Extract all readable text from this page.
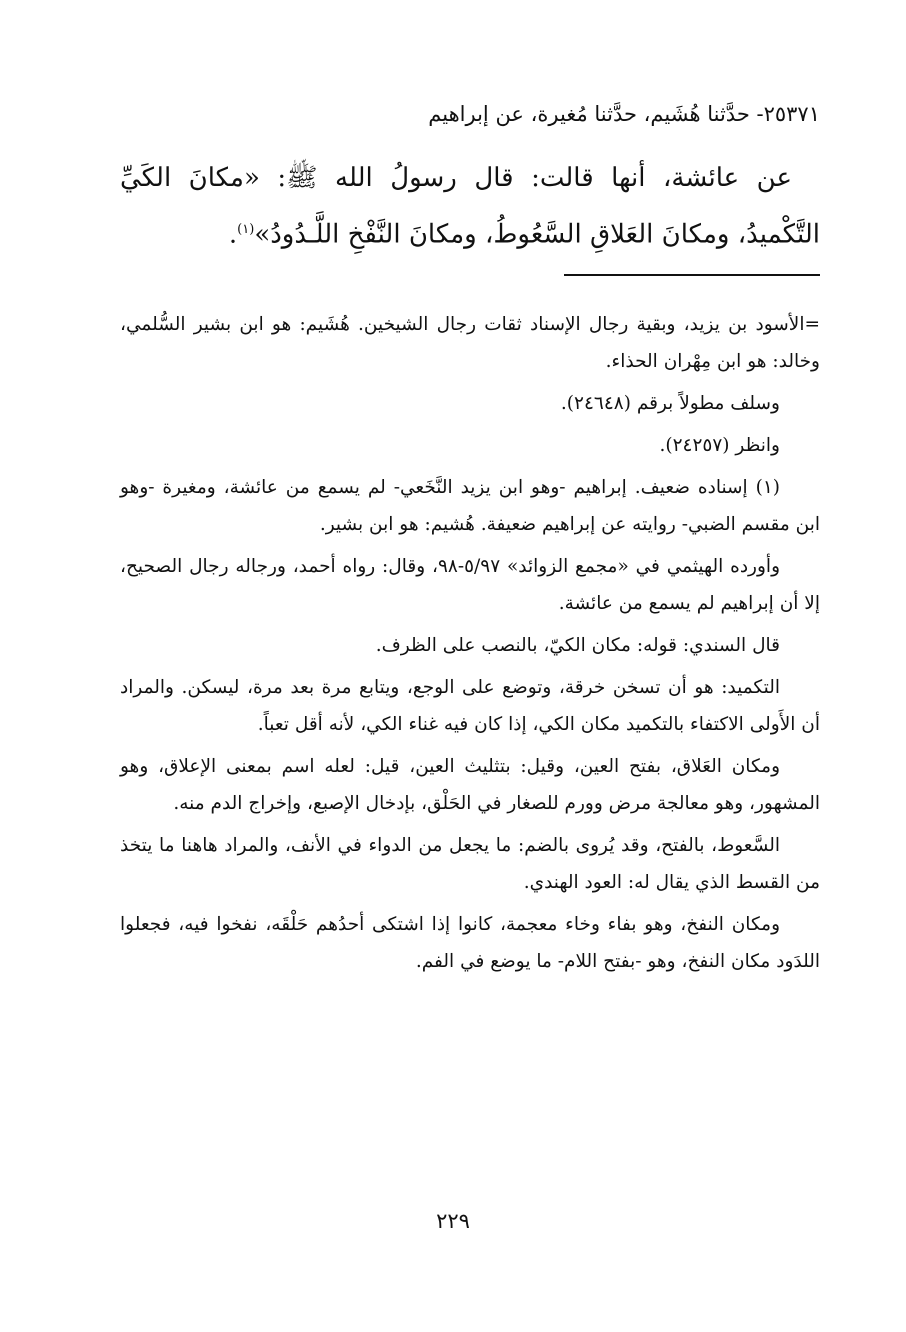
٢٥٣٧١- حدَّثنا هُشَيم، حدَّثنا مُغيرة، عن إبراهيم
عن عائشة، أنها قالت: قال رسولُ الله ﷺ: «مكانَ الكَيِّ التَّكْميدُ، ومكانَ العَلاقِ السَّعُوطُ، ومكانَ النَّفْخِ اللَّـدُودُ»$^{(١)}$.

=الأسود بن يزيد، وبقية رجال الإسناد ثقات رجال الشيخين. هُشَيم: هو ابن بشير السُّلمي، وخالد: هو ابن مِهْران الحذاء.

وسلف مطولاً برقم (٢٤٦٤٨).

وانظر (٢٤٢٥٧).

(١) إسناده ضعيف. إبراهيم -وهو ابن يزيد النَّخَعي- لم يسمع من عائشة، ومغيرة -وهو ابن مقسم الضبي- روايته عن إبراهيم ضعيفة. هُشيم: هو ابن بشير.

وأورده الهيثمي في «مجمع الزوائد» ٥/٩٧-٩٨، وقال: رواه أحمد، ورجاله رجال الصحيح، إلا أن إبراهيم لم يسمع من عائشة.

قال السندي: قوله: مكان الكيّ، بالنصب على الظرف.

التكميد: هو أن تسخن خرقة، وتوضع على الوجع، ويتابع مرة بعد مرة، ليسكن. والمراد أن الأَولى الاكتفاء بالتكميد مكان الكي، إذا كان فيه غناء الكي، لأنه أقل تعباً.

ومكان العَلاق، بفتح العين، وقيل: بتثليث العين، قيل: لعله اسم بمعنى الإعلاق، وهو المشهور، وهو معالجة مرض وورم للصغار في الحَلْق، بإدخال الإصبع، وإخراج الدم منه.

السَّعوط، بالفتح، وقد يُروى بالضم: ما يجعل من الدواء في الأنف، والمراد هاهنا ما يتخذ من القسط الذي يقال له: العود الهندي.

ومكان النفخ، وهو بفاء وخاء معجمة، كانوا إذا اشتكى أحدُهم حَلْقَه، نفخوا فيه، فجعلوا اللدَود مكان النفخ، وهو -بفتح اللام- ما يوضع في الفم.

٢٢٩
